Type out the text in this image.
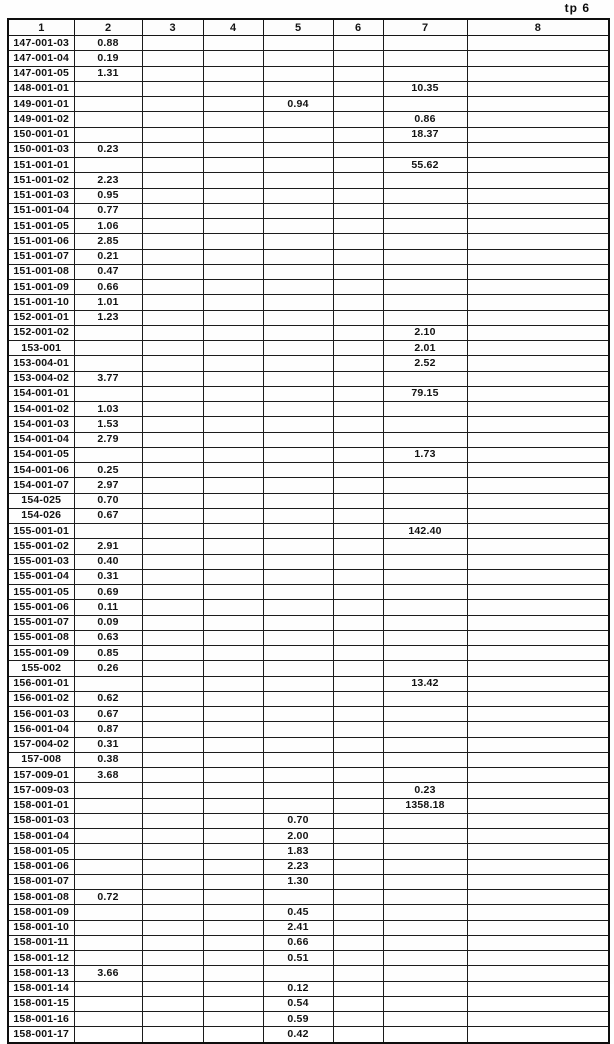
tp 6
1	2	3	4	5	6	7	8
147-001-03	0.88						
147-001-04	0.19						
147-001-05	1.31						
148-001-01						10.35	
149-001-01				0.94			
149-001-02						0.86	
150-001-01						18.37	
150-001-03	0.23						
151-001-01						55.62	
151-001-02	2.23						
151-001-03	0.95						
151-001-04	0.77						
151-001-05	1.06						
151-001-06	2.85						
151-001-07	0.21						
151-001-08	0.47						
151-001-09	0.66						
151-001-10	1.01						
152-001-01	1.23						
152-001-02						2.10	
153-001						2.01	
153-004-01						2.52	
153-004-02	3.77						
154-001-01						79.15	
154-001-02	1.03						
154-001-03	1.53						
154-001-04	2.79						
154-001-05						1.73	
154-001-06	0.25						
154-001-07	2.97						
154-025	0.70						
154-026	0.67						
155-001-01						142.40	
155-001-02	2.91						
155-001-03	0.40						
155-001-04	0.31						
155-001-05	0.69						
155-001-06	0.11						
155-001-07	0.09						
155-001-08	0.63						
155-001-09	0.85						
155-002	0.26						
156-001-01						13.42	
156-001-02	0.62						
156-001-03	0.67						
156-001-04	0.87						
157-004-02	0.31						
157-008	0.38						
157-009-01	3.68						
157-009-03						0.23	
158-001-01						1358.18	
158-001-03				0.70			
158-001-04				2.00			
158-001-05				1.83			
158-001-06				2.23			
158-001-07				1.30			
158-001-08	0.72						
158-001-09				0.45			
158-001-10				2.41			
158-001-11				0.66			
158-001-12				0.51			
158-001-13	3.66						
158-001-14				0.12			
158-001-15				0.54			
158-001-16				0.59			
158-001-17				0.42			
